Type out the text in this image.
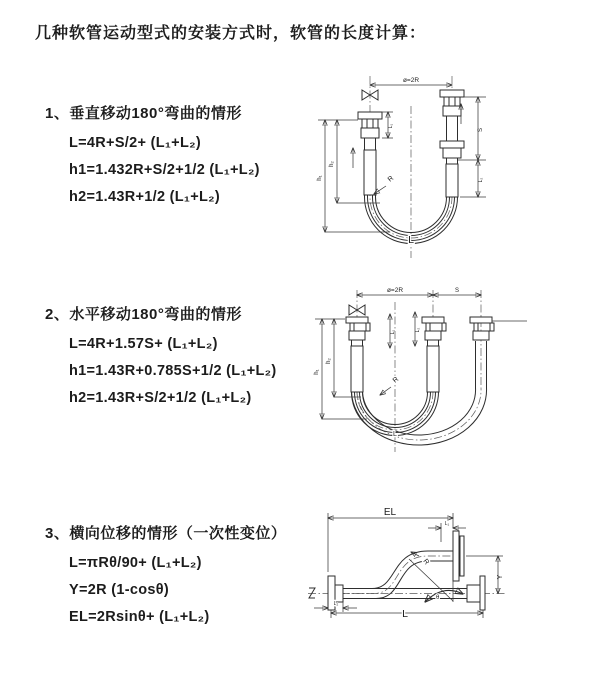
几种软管运动型式的安装方式时，软管的长度计算：
1、垂直移动180°弯曲的情形
L=4R+S/2+ (L₁+L₂)
h1=1.432R+S/2+1/2 (L₁+L₂)
h2=1.43R+1/2 (L₁+L₂)
2、水平移动180°弯曲的情形
L=4R+1.57S+ (L₁+L₂)
h1=1.43R+0.785S+1/2 (L₁+L₂)
h2=1.43R+S/2+1/2 (L₁+L₂)
3、横向位移的情形（一次性变位）
L=πRθ/90+ (L₁+L₂)
Y=2R (1-cosθ)
EL=2Rsinθ+ (L₁+L₂)
ø=2R
h₁
h₂
S
L₂
L₁
R
L
ø=2R	S
h₁
h₂
L₁	L₂
R
L
EL
L₁
Y
L
L₂
θ
R
